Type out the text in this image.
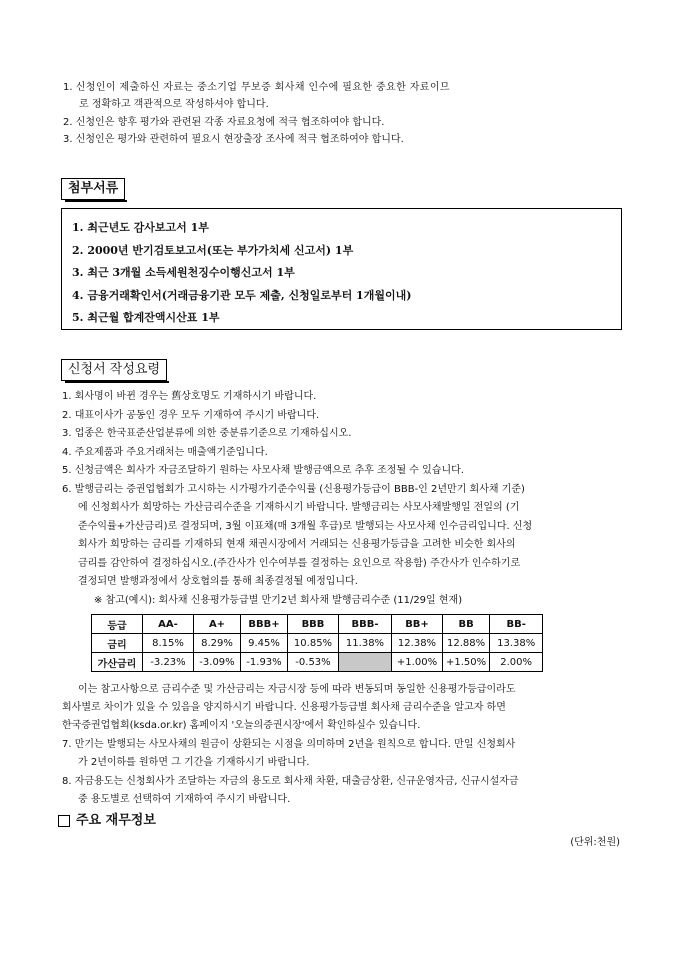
1. 신청인이 제출하신 자료는 중소기업 무보증 회사채 인수에 필요한 중요한 자료이므
로 정확하고 객관적으로 작성하셔야 합니다.
2. 신청인은 향후 평가와 관련된 각종 자료요청에 적극 협조하여야 합니다.
3. 신청인은 평가와 관련하여 필요시 현장출장 조사에 적극 협조하여야 합니다.
첨부서류
1. 최근년도 감사보고서 1부
2. 2000년 반기검토보고서(또는 부가가치세 신고서) 1부
3. 최근 3개월 소득세원천징수이행신고서 1부
4. 금융거래확인서(거래금융기관 모두 제출, 신청일로부터 1개월이내)
5. 최근월 합계잔액시산표 1부
신청서 작성요령
1. 회사명이 바뀐 경우는 舊상호명도 기재하시기 바랍니다.
2. 대표이사가 공동인 경우 모두 기재하여 주시기 바랍니다.
3. 업종은 한국표준산업분류에 의한 중분류기준으로 기재하십시오.
4. 주요제품과 주요거래처는 매출액기준입니다.
5. 신청금액은 회사가 자금조달하기 원하는 사모사채 발행금액으로 추후 조정될 수 있습니다.
6. 발행금리는 증권업협회가 고시하는 시가평가기준수익률 (신용평가등급이 BBB-인 2년만기 회사채 기준)
에 신청회사가 희망하는 가산금리수준을 기재하시기 바랍니다. 발행금리는 사모사채발행일 전일의 (기
준수익률+가산금리)로 결정되며, 3월 이표채(매 3개월 후급)로 발행되는 사모사채 인수금리입니다. 신청
회사가 희망하는 금리를 기재하되 현재 채권시장에서 거래되는 신용평가등급을 고려한 비슷한 회사의
금리를 감안하여 결정하십시오.(주간사가 인수여부를 결정하는 요인으로 작용함) 주간사가 인수하기로
결정되면 발행과정에서 상호협의를 통해 최종결정될 예정입니다.
※ 참고(예시): 회사채 신용평가등급별 만기2년 회사채 발행금리수준 (11/29일 현재)
등급	AA-	A+	BBB+	BBB	BBB-	BB+	BB	BB-
금리	8.15%	8.29%	9.45%	10.85%	11.38%	12.38%	12.88%	13.38%
가산금리	-3.23%	-3.09%	-1.93%	-0.53%		+1.00%	+1.50%	2.00%
이는 참고사항으로 금리수준 및 가산금리는 자금시장 등에 따라 변동되며 동일한 신용평가등급이라도
회사별로 차이가 있을 수 있음을 양지하시기 바랍니다. 신용평가등급별 회사채 금리수준을 알고자 하면
한국증권업협회(ksda.or.kr) 홈페이지 '오늘의증권시장'에서 확인하실수 있습니다.
7. 만기는 발행되는 사모사채의 원금이 상환되는 시점을 의미하며 2년을 원칙으로 합니다. 만일 신청회사
가 2년이하를 원하면 그 기간을 기재하시기 바랍니다.
8. 자금용도는 신청회사가 조달하는 자금의 용도로 회사채 차환, 대출금상환, 신규운영자금, 신규시설자금
중 용도별로 선택하여 기재하여 주시기 바랍니다.
주요 재무정보
(단위:천원)
